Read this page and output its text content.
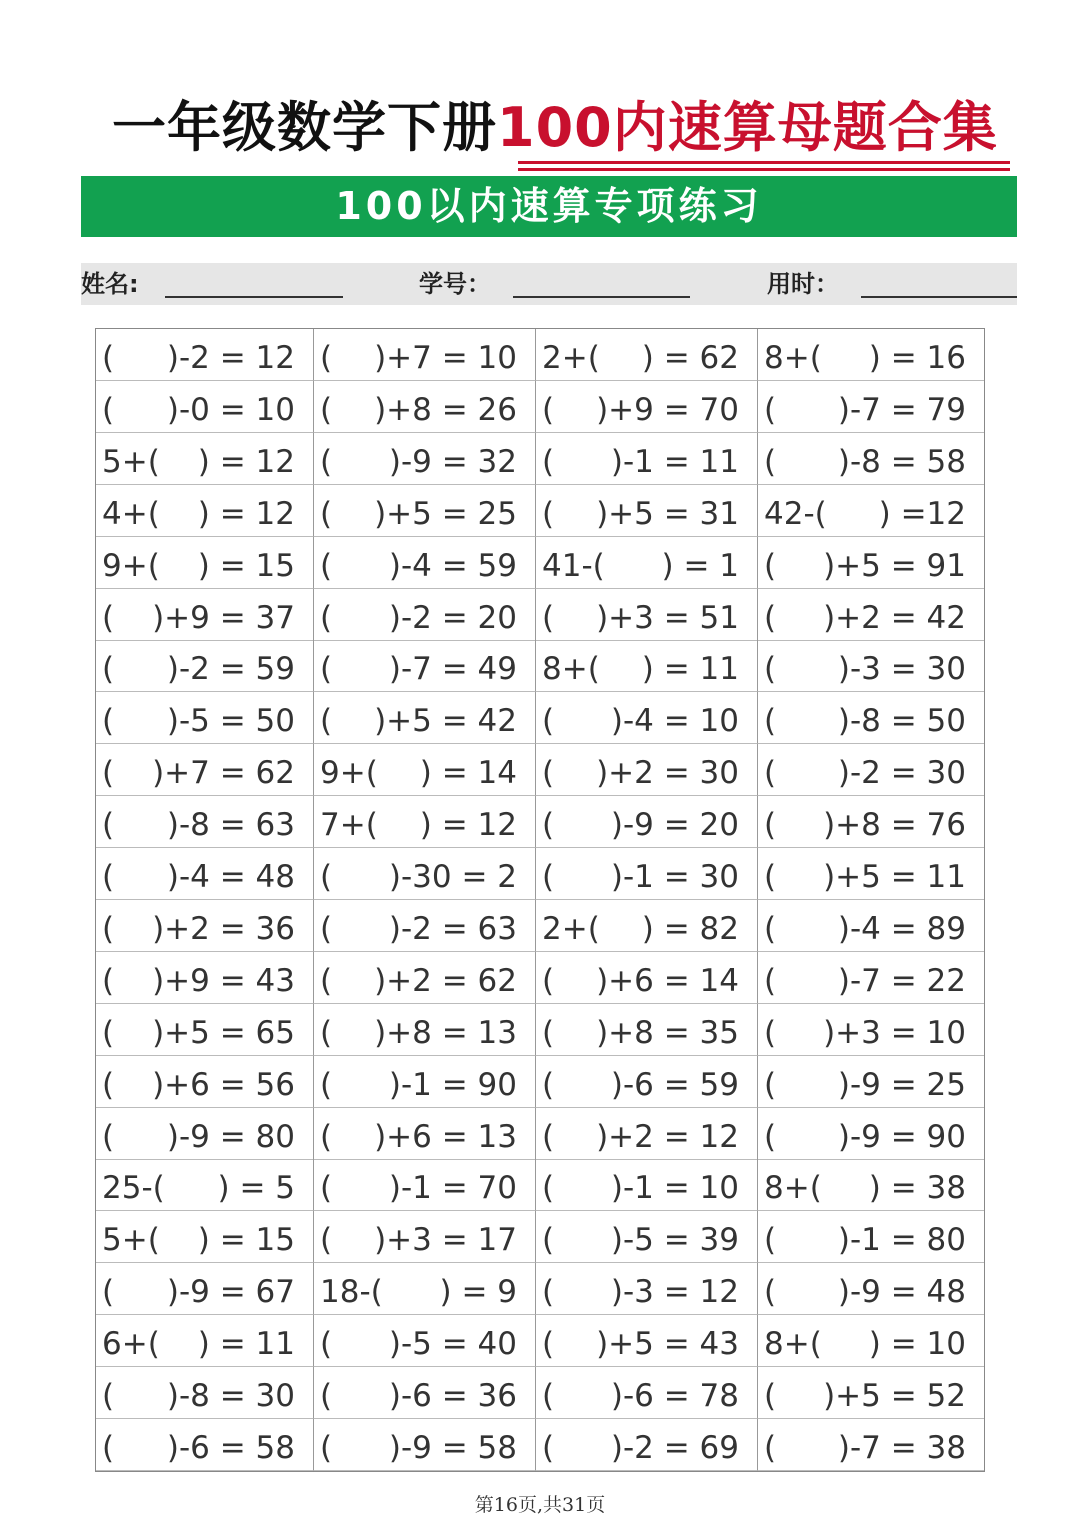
一年级数学下册100内速算母题合集
100以内速算专项练习
姓名:	学号：	用时：
( )-2 = 12 ( )+7 = 10 2+( ) = 62 8+( ) = 16
( )-0 = 10 ( )+8 = 26 ( )+9 = 70 ( )-7 = 79
5+( ) = 12 ( )-9 = 32 ( )-1 = 11 ( )-8 = 58
4+( ) = 12 ( )+5 = 25 ( )+5 = 31 42-( ) =12
9+( ) = 15 ( )-4 = 59 41-( ) = 1 ( )+5 = 91
( )+9 = 37 ( )-2 = 20 ( )+3 = 51 ( )+2 = 42
( )-2 = 59 ( )-7 = 49 8+( ) = 11 ( )-3 = 30
( )-5 = 50 ( )+5 = 42 ( )-4 = 10 ( )-8 = 50
( )+7 = 62 9+( ) = 14 ( )+2 = 30 ( )-2 = 30
( )-8 = 63 7+( ) = 12 ( )-9 = 20 ( )+8 = 76
( )-4 = 48 ( )-30 = 2 ( )-1 = 30 ( )+5 = 11
( )+2 = 36 ( )-2 = 63 2+( ) = 82 ( )-4 = 89
( )+9 = 43 ( )+2 = 62 ( )+6 = 14 ( )-7 = 22
( )+5 = 65 ( )+8 = 13 ( )+8 = 35 ( )+3 = 10
( )+6 = 56 ( )-1 = 90 ( )-6 = 59 ( )-9 = 25
( )-9 = 80 ( )+6 = 13 ( )+2 = 12 ( )-9 = 90
25-( ) = 5 ( )-1 = 70 ( )-1 = 10 8+( ) = 38
5+( ) = 15 ( )+3 = 17 ( )-5 = 39 ( )-1 = 80
( )-9 = 67 18-( ) = 9 ( )-3 = 12 ( )-9 = 48
6+( ) = 11 ( )-5 = 40 ( )+5 = 43 8+( ) = 10
( )-8 = 30 ( )-6 = 36 ( )-6 = 78 ( )+5 = 52
( )-6 = 58 ( )-9 = 58 ( )-2 = 69 ( )-7 = 38
第16页,共31页
